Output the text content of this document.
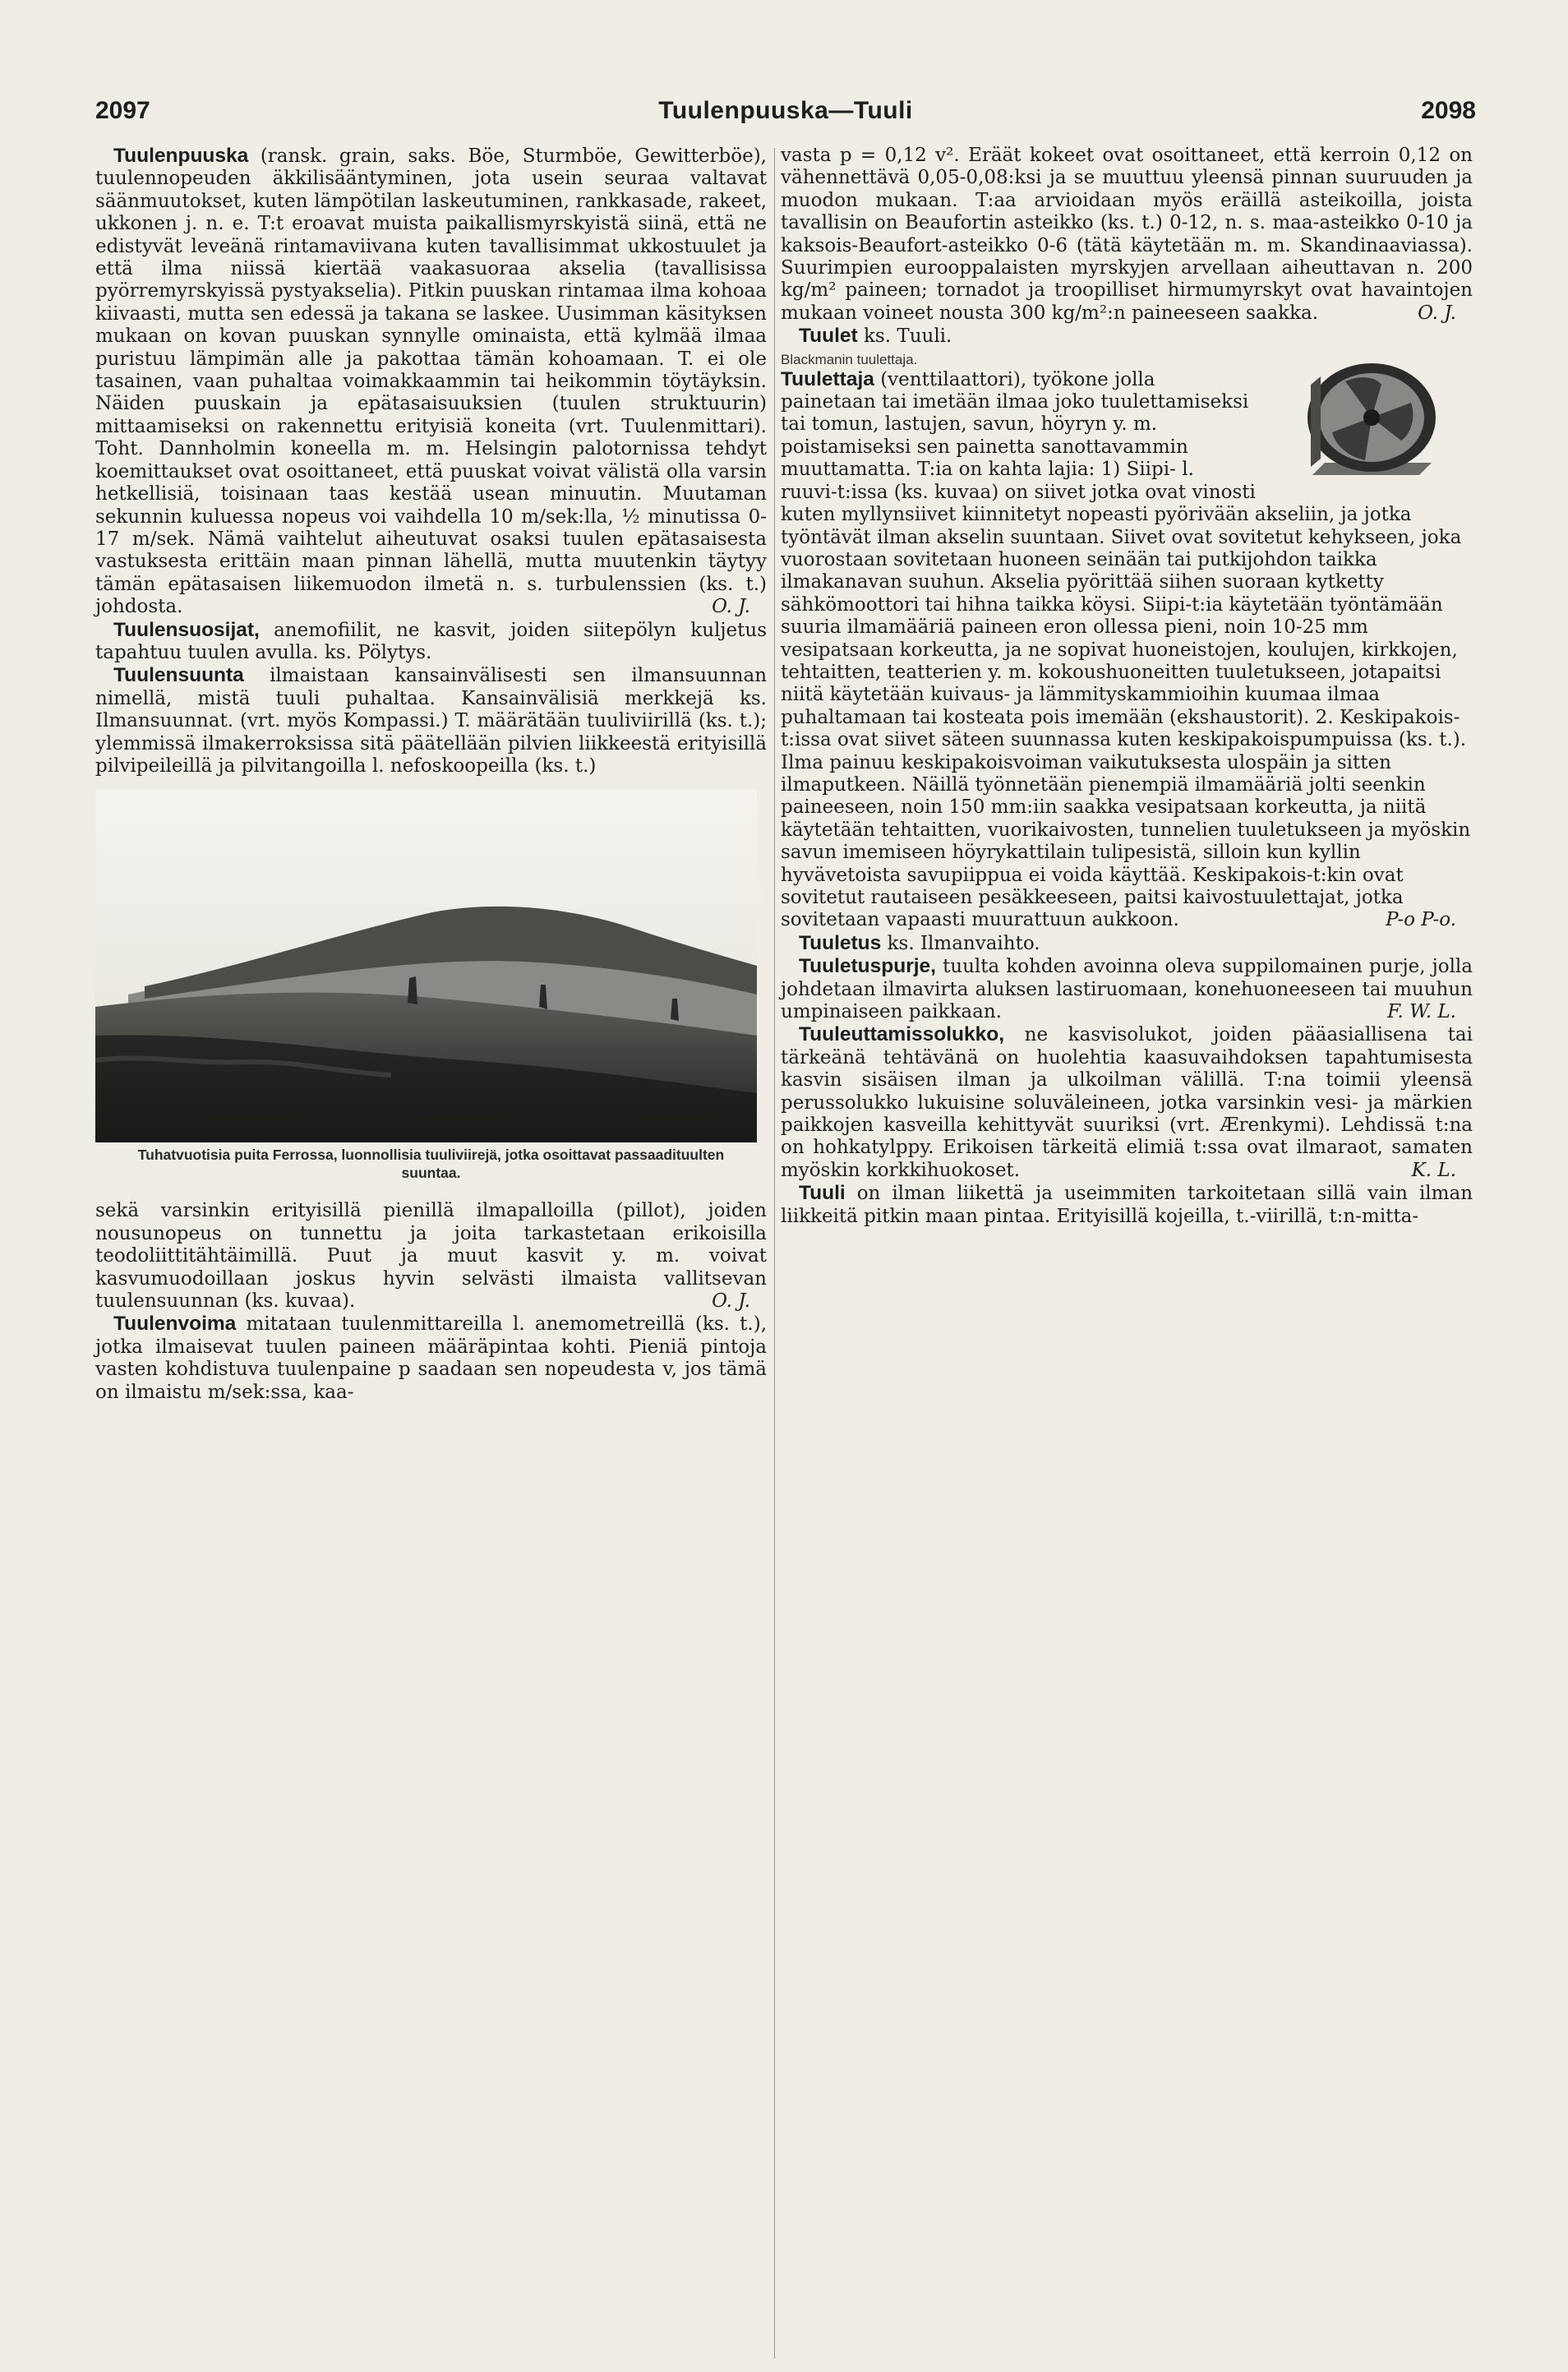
2097	Tuulenpuuska—Tuuli	2098

Tuulenpuuska (ransk. grain, saks. Böe, Sturmböe, Gewitterböe), tuulennopeuden äkkilisääntyminen, jota usein seuraa valtavat säänmuutokset, kuten lämpötilan laskeutuminen, rankkasade, rakeet, ukkonen j. n. e. T:t eroavat muista paikallismyrskyistä siinä, että ne edistyvät leveänä rintamaviivana kuten tavallisimmat ukkostuulet ja että ilma niissä kiertää vaakasuoraa akselia (tavallisissa pyörremyrskyissä pystyakselia). Pitkin puuskan rintamaa ilma kohoaa kiivaasti, mutta sen edessä ja takana se laskee. Uusimman käsityksen mukaan on kovan puuskan synnylle ominaista, että kylmää ilmaa puristuu lämpimän alle ja pakottaa tämän kohoamaan. T. ei ole tasainen, vaan puhaltaa voimakkaammin tai heikommin töytäyksin. Näiden puuskain ja epätasaisuuksien (tuulen struktuurin) mittaamiseksi on rakennettu erityisiä koneita (vrt. Tuulenmittari). Toht. Dannholmin koneella m. m. Helsingin palotornissa tehdyt koemittaukset ovat osoittaneet, että puuskat voivat välistä olla varsin hetkellisiä, toisinaan taas kestää usean minuutin. Muutaman sekunnin kuluessa nopeus voi vaihdella 10 m/sek:lla, ½ minutissa 0-17 m/sek. Nämä vaihtelut aiheutuvat osaksi tuulen epätasaisesta vastuksesta erittäin maan pinnan lähellä, mutta muutenkin täytyy tämän epätasaisen liikemuodon ilmetä n. s. turbulenssien (ks. t.) johdosta.	O. J.

Tuulensuosijat, anemofiilit, ne kasvit, joiden siitepölyn kuljetus tapahtuu tuulen avulla. ks. Pölytys.

Tuulensuunta ilmaistaan kansainvälisesti sen ilmansuunnan nimellä, mistä tuuli puhaltaa. Kansainvälisiä merkkejä ks. Ilmansuunnat. (vrt. myös Kompassi.) T. määrätään tuuliviirillä (ks. t.); ylemmissä ilmakerroksissa sitä päätellään pilvien liikkeestä erityisillä pilvipeileillä ja pilvitangoilla l. nefoskoopeilla (ks. t.)

Tuhatvuotisia puita Ferrossa, luonnollisia tuuliviirejä, jotka osoittavat passaadituulten suuntaa.

sekä varsinkin erityisillä pienillä ilmapalloilla (pillot), joiden nousunopeus on tunnettu ja joita tarkastetaan erikoisilla teodoliittitähtäimillä. Puut ja muut kasvit y. m. voivat kasvumuodoillaan joskus hyvin selvästi ilmaista vallitsevan tuulensuunnan (ks. kuvaa).	O. J.

Tuulenvoima mitataan tuulenmittareilla l. anemometreillä (ks. t.), jotka ilmaisevat tuulen paineen määräpintaa kohti. Pieniä pintoja vasten kohdistuva tuulenpaine p saadaan sen nopeudesta v, jos tämä on ilmaistu m/sek:ssa, kaa-

vasta p = 0,12 v². Eräät kokeet ovat osoittaneet, että kerroin 0,12 on vähennettävä 0,05-0,08:ksi ja se muuttuu yleensä pinnan suuruuden ja muodon mukaan. T:aa arvioidaan myös eräillä asteikoilla, joista tavallisin on Beaufortin asteikko (ks. t.) 0-12, n. s. maa-asteikko 0-10 ja kaksois-Beaufort-asteikko 0-6 (tätä käytetään m. m. Skandinaaviassa). Suurimpien eurooppalaisten myrskyjen arvellaan aiheuttavan n. 200 kg/m² paineen; tornadot ja troopilliset hirmumyrskyt ovat havaintojen mukaan voineet nousta 300 kg/m²:n paineeseen saakka.	O. J.

Tuulet ks. Tuuli.

Blackmanin tuulettaja.
Tuulettaja (venttilaattori), työkone jolla painetaan tai imetään ilmaa joko tuulettamiseksi tai tomun, lastujen, savun, höyryn y. m. poistamiseksi sen painetta sanottavammin muuttamatta. T:ia on kahta lajia: 1) Siipi- l. ruuvi-t:issa (ks. kuvaa) on siivet jotka ovat vinosti kuten myllynsiivet kiinnitetyt nopeasti pyörivään akseliin, ja jotka työntävät ilman akselin suuntaan. Siivet ovat sovitetut kehykseen, joka vuorostaan sovitetaan huoneen seinään tai putkijohdon taikka ilmakanavan suuhun. Akselia pyörittää siihen suoraan kytketty sähkömoottori tai hihna taikka köysi. Siipi-t:ia käytetään työntämään suuria ilmamääriä paineen eron ollessa pieni, noin 10-25 mm vesipatsaan korkeutta, ja ne sopivat huoneistojen, koulujen, kirkkojen, tehtaitten, teatterien y. m. kokoushuoneitten tuuletukseen, jotapaitsi niitä käytetään kuivaus- ja lämmityskammioihin kuumaa ilmaa puhaltamaan tai kosteata pois imemään (ekshaustorit). 2. Keskipakois-t:issa ovat siivet säteen suunnassa kuten keskipakoispumpuissa (ks. t.). Ilma painuu keskipakoisvoiman vaikutuksesta ulospäin ja sitten ilmaputkeen. Näillä työnnetään pienempiä ilmamääriä jolti seenkin paineeseen, noin 150 mm:iin saakka vesipatsaan korkeutta, ja niitä käytetään tehtaitten, vuorikaivosten, tunnelien tuuletukseen ja myöskin savun imemiseen höyrykattilain tulipesistä, silloin kun kyllin hyvävetoista savupiippua ei voida käyttää. Keskipakois-t:kin ovat sovitetut rautaiseen pesäkkeeseen, paitsi kaivostuulettajat, jotka sovitetaan vapaasti muurattuun aukkoon.	P-o P-o.

Tuuletus ks. Ilmanvaihto.

Tuuletuspurje, tuulta kohden avoinna oleva suppilomainen purje, jolla johdetaan ilmavirta aluksen lastiruomaan, konehuoneeseen tai muuhun umpinaiseen paikkaan.	F. W. L.

Tuuleuttamissolukko, ne kasvisolukot, joiden pääasiallisena tai tärkeänä tehtävänä on huolehtia kaasuvaihdoksen tapahtumisesta kasvin sisäisen ilman ja ulkoilman välillä. T:na toimii yleensä perussolukko lukuisine soluväleineen, jotka varsinkin vesi- ja märkien paikkojen kasveilla kehittyvät suuriksi (vrt. Ærenkymi). Lehdissä t:na on hohkatylppy. Erikoisen tärkeitä elimiä t:ssa ovat ilmaraot, samaten myöskin korkkihuokoset.	K. L.

Tuuli on ilman liikettä ja useimmiten tarkoitetaan sillä vain ilman liikkeitä pitkin maan pintaa. Erityisillä kojeilla, t.-viirillä, t:n-mitta-
